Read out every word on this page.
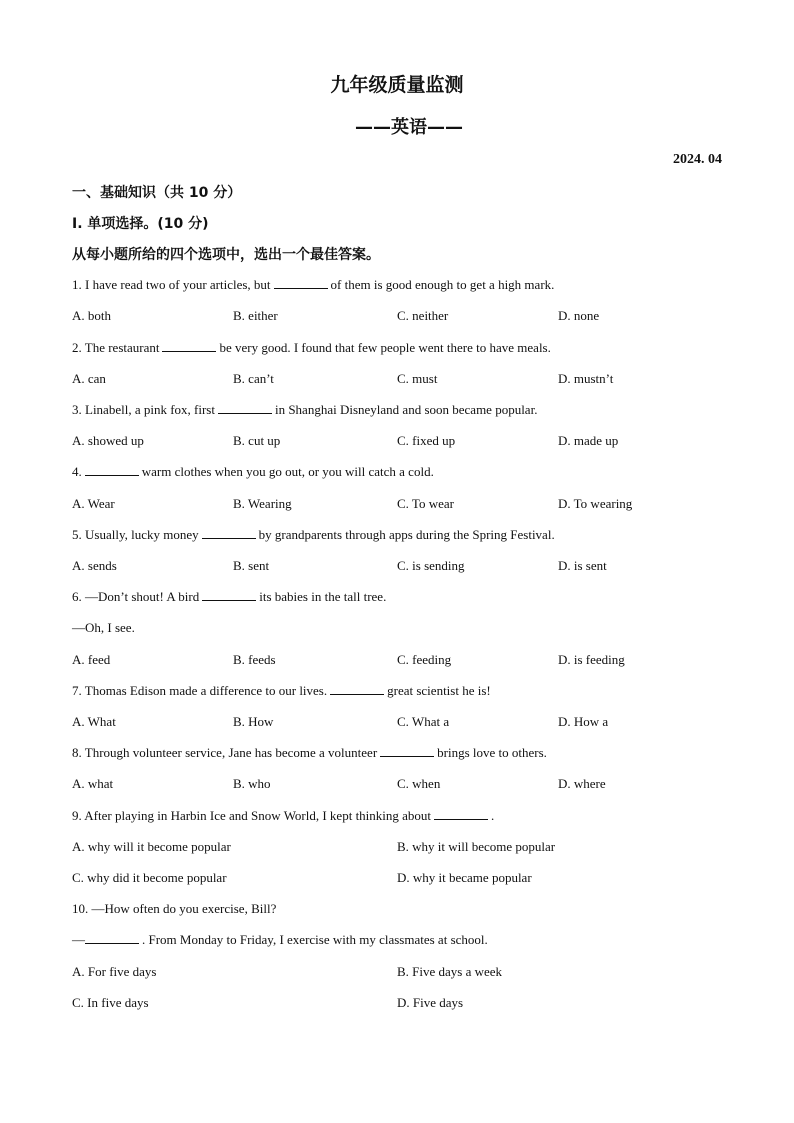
九年级质量监测
——英语——
2024. 04
一、基础知识（共 10 分）
Ⅰ. 单项选择。(10 分)
从每小题所给的四个选项中，选出一个最佳答案。
1. I have read two of your articles, but	of them is good enough to get a high mark.
A. both	B. either	C. neither	D. none
2. The restaurant	be very good. I found that few people went there to have meals.
A. can	B. can’t	C. must	D. mustn’t
3. Linabell, a pink fox, first	in Shanghai Disneyland and soon became popular.
A. showed up	B. cut up	C. fixed up	D. made up
4.	warm clothes when you go out, or you will catch a cold.
A. Wear	B. Wearing	C. To wear	D. To wearing
5. Usually, lucky money	by grandparents through apps during the Spring Festival.
A. sends	B. sent	C. is sending	D. is sent
6. —Don’t shout! A bird	its babies in the tall tree.
—Oh, I see.
A. feed	B. feeds	C. feeding	D. is feeding
7. Thomas Edison made a difference to our lives.	great scientist he is!
A. What	B. How	C. What a	D. How a
8. Through volunteer service, Jane has become a volunteer	brings love to others.
A. what	B. who	C. when	D. where
9. After playing in Harbin Ice and Snow World, I kept thinking about	.
A. why will it become popular	B. why it will become popular
C. why did it become popular	D. why it became popular
10. —How often do you exercise, Bill?
—	. From Monday to Friday, I exercise with my classmates at school.
A. For five days	B. Five days a week
C. In five days	D. Five days
